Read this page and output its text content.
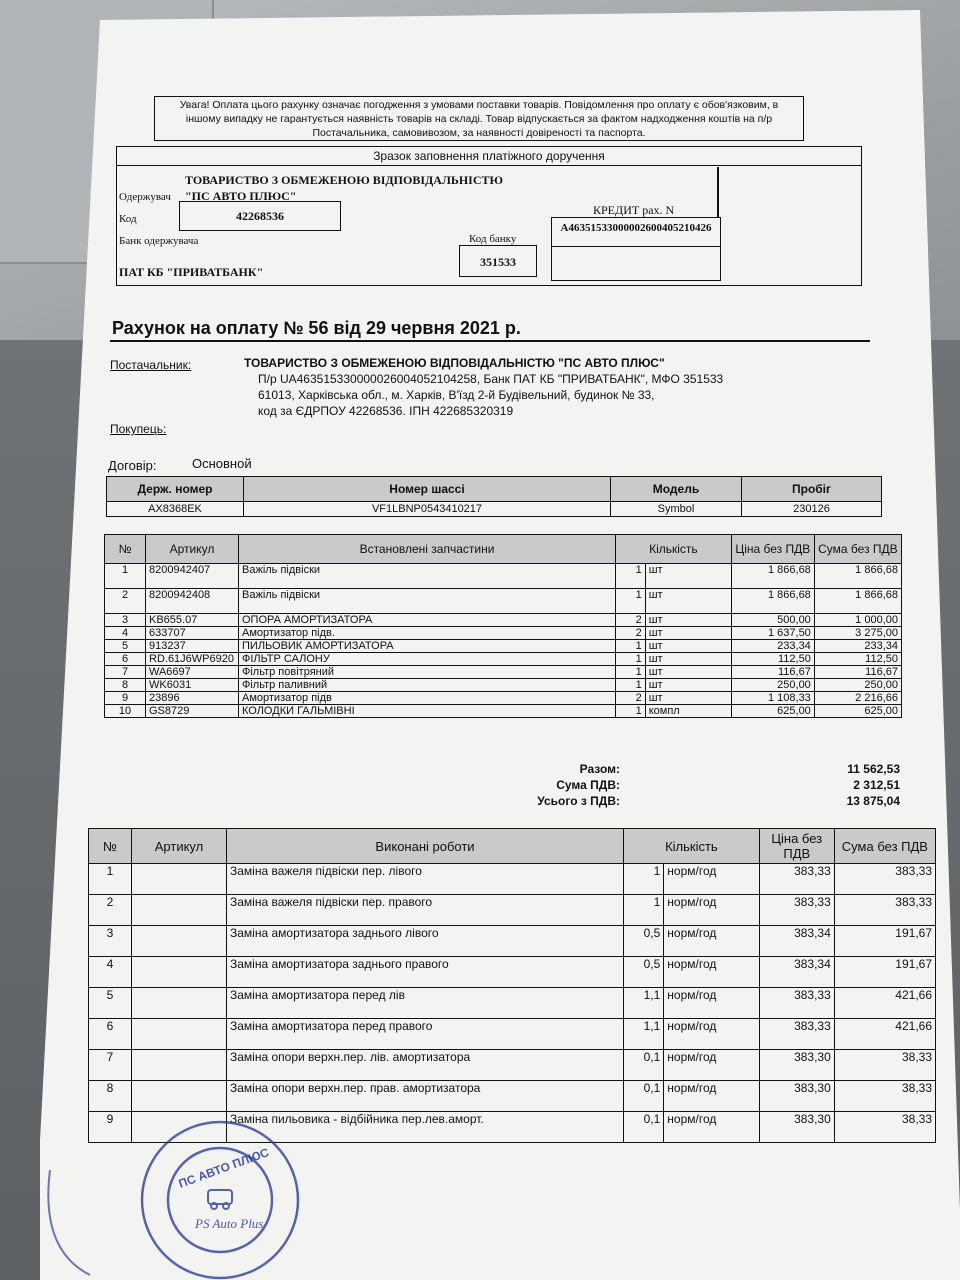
Увага! Оплата цього рахунку означає погодження з умовами поставки товарів. Повідомлення про оплату є обов'язковим, в
іншому випадку не гарантується наявність товарів на складі. Товар відпускається за фактом надходження коштів на п/р
Постачальника, самовивозом, за наявності довіреності та паспорта.
Зразок заповнення платіжного доручення
ТОВАРИСТВО З ОБМЕЖЕНОЮ ВІДПОВІДАЛЬНІСТЮ
Одержувач "ПС АВТО ПЛЮС"
Код	42268536
Банк одержувача	Код банку
351533
ПАТ КБ "ПРИВАТБАНК"
КРЕДИТ рах. N
A46351533000002600405210426
Рахунок на оплату № 56 від 29 червня 2021 р.
Постачальник:	ТОВАРИСТВО З ОБМЕЖЕНОЮ ВІДПОВІДАЛЬНІСТЮ "ПС АВТО ПЛЮС"
П/р UA463515330000026004052104258, Банк ПАТ КБ "ПРИВАТБАНК", МФО 351533
61013, Харківська обл., м. Харків, В'їзд 2-й Будівельний, будинок № 33,
код за ЄДРПОУ 42268536. ІПН 422685320319
Покупець:
Договір:	Основной
Держ. номер	Номер шассі	Модель	Пробіг
AX8368EK	VF1LBNP0543410217	Symbol	230126
№	Артикул	Встановлені запчастини	Кількість		Ціна без ПДВ	Сума без ПДВ
1	8200942407	Важіль підвіски	1	шт	1 866,68	1 866,68
2	8200942408	Важіль підвіски	1	шт	1 866,68	1 866,68
3	KB655.07	ОПОРА АМОРТИЗАТОРА	2	шт	500,00	1 000,00
4	633707	Амортизатор підв.	2	шт	1 637,50	3 275,00
5	913237	ПИЛЬОВИК АМОРТИЗАТОРА	1	шт	233,34	233,34
6	RD.61J6WP6920	ФІЛЬТР САЛОНУ	1	шт	112,50	112,50
7	WA6697	Фільтр повітряний	1	шт	116,67	116,67
8	WK6031	Фільтр паливний	1	шт	250,00	250,00
9	23896	Амортизатор підв	2	шт	1 108,33	2 216,66
10	GS8729	КОЛОДКИ ГАЛЬМІВНІ	1	компл	625,00	625,00
Разом:	11 562,53
Сума ПДВ:	2 312,51
Усього з ПДВ:	13 875,04
№	Артикул	Виконані роботи	Кількість		Ціна без ПДВ	Сума без ПДВ
1		Заміна важеля підвіски пер. лівого	1	норм/год	383,33	383,33
2		Заміна важеля підвіски пер. правого	1	норм/год	383,33	383,33
3		Заміна амортизатора заднього лівого	0,5	норм/год	383,34	191,67
4		Заміна амортизатора заднього правого	0,5	норм/год	383,34	191,67
5		Заміна амортизатора перед лів	1,1	норм/год	383,33	421,66
6		Заміна амортизатора перед правого	1,1	норм/год	383,33	421,66
7		Заміна опори верхн.пер. лів. амортизатора	0,1	норм/год	383,30	38,33
8		Заміна опори верхн.пер. прав. амортизатора	0,1	норм/год	383,30	38,33
9		Заміна пильовика - відбійника пер.лев.аморт.	0,1	норм/год	383,30	38,33
PS Auto Plus
ПС АВТО ПЛЮС
